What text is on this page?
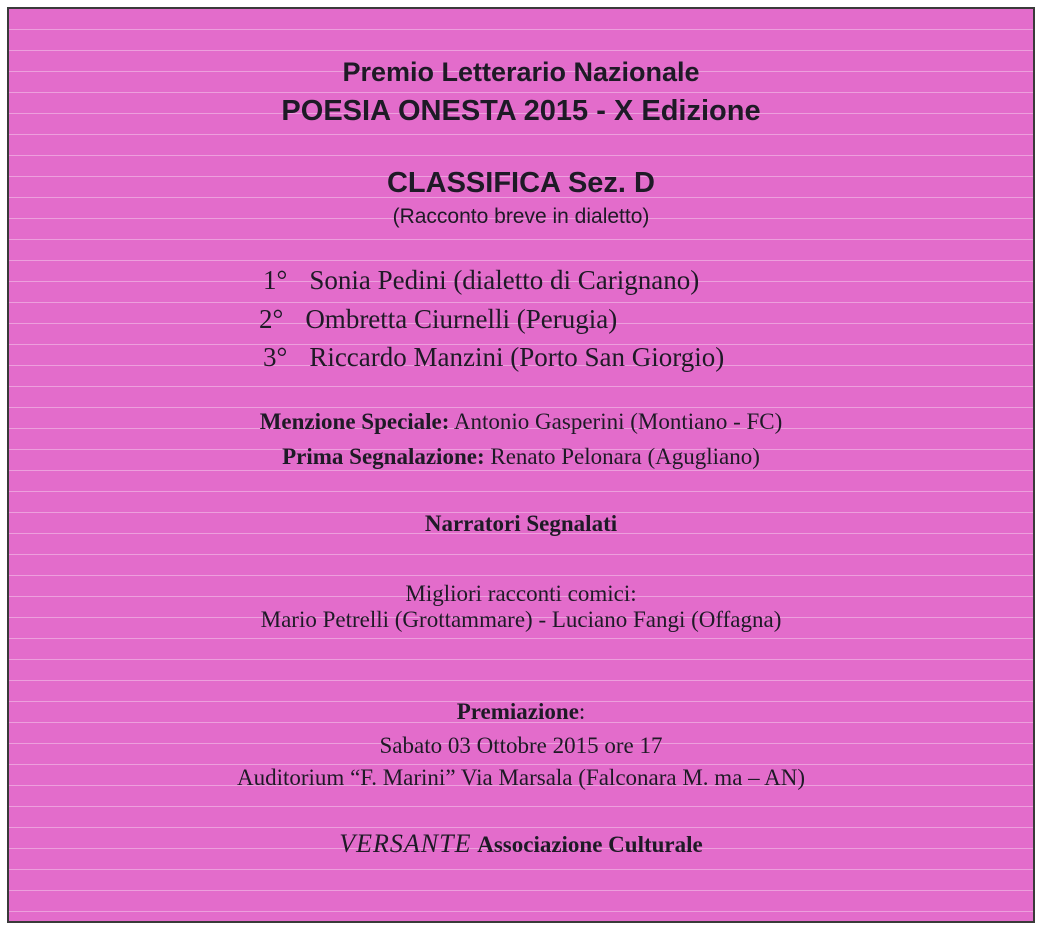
Premio Letterario Nazionale
POESIA ONESTA 2015 - X Edizione
CLASSIFICA Sez. D
(Racconto breve in dialetto)
1° Sonia Pedini (dialetto di Carignano)
2° Ombretta Ciurnelli (Perugia)
3° Riccardo Manzini (Porto San Giorgio)
Menzione Speciale: Antonio Gasperini (Montiano - FC)
Prima Segnalazione: Renato Pelonara (Agugliano)
Narratori Segnalati
Migliori racconti comici:
Mario Petrelli (Grottammare) - Luciano Fangi (Offagna)
Premiazione:
Sabato 03 Ottobre 2015 ore 17
Auditorium “F. Marini” Via Marsala (Falconara M. ma – AN)
VERSANTE Associazione Culturale
